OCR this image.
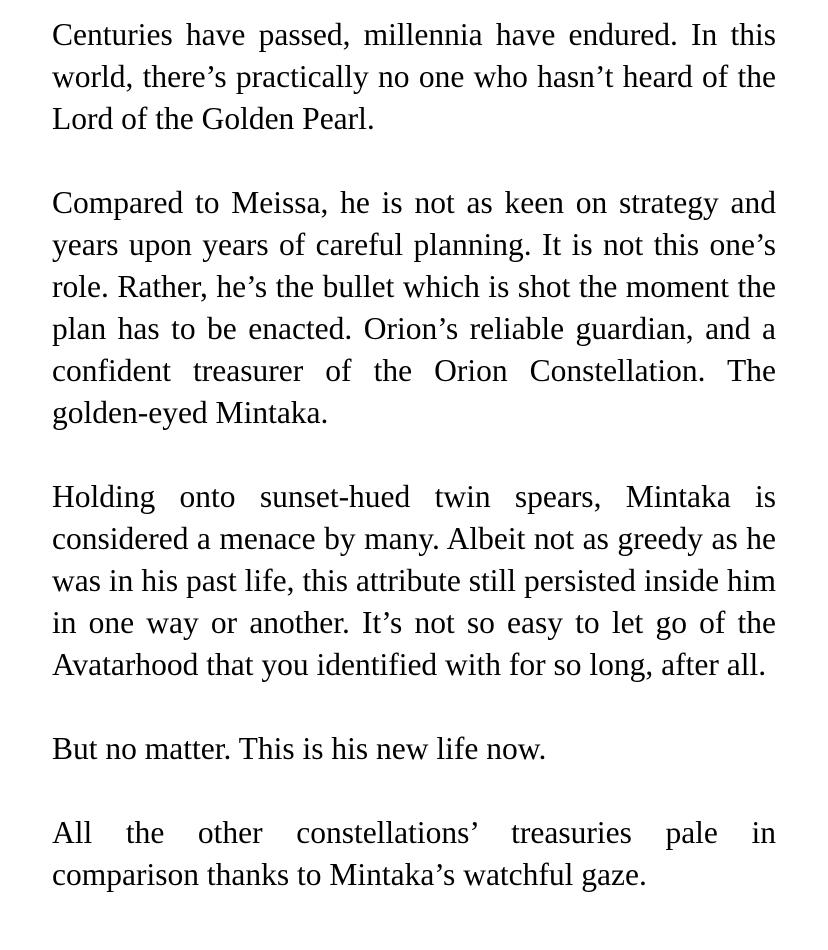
Centuries have passed, millennia have endured. In this world, there’s practically no one who hasn’t heard of the Lord of the Golden Pearl.

Compared to Meissa, he is not as keen on strategy and years upon years of careful planning. It is not this one’s role. Rather, he’s the bullet which is shot the moment the plan has to be enacted. Orion’s reliable guardian, and a confident treasurer of the Orion Constellation. The golden-eyed Mintaka.

Holding onto sunset-hued twin spears, Mintaka is considered a menace by many. Albeit not as greedy as he was in his past life, this attribute still persisted inside him in one way or another. It’s not so easy to let go of the Avatarhood that you identified with for so long, after all.

But no matter. This is his new life now.

All the other constellations’ treasuries pale in comparison thanks to Mintaka’s watchful gaze.
